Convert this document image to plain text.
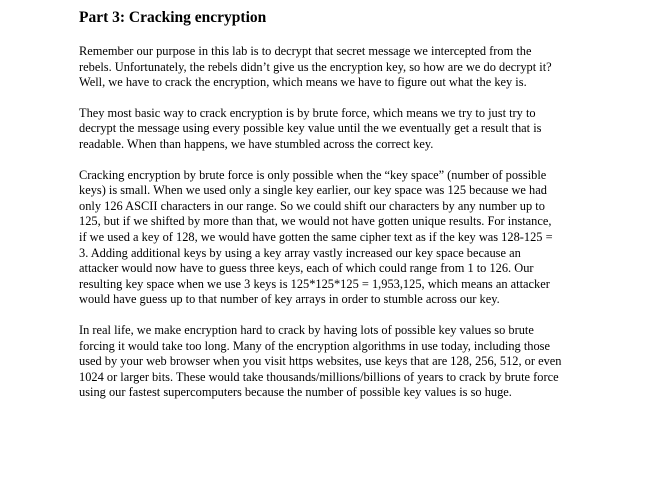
Part 3: Cracking encryption

Remember our purpose in this lab is to decrypt that secret message we intercepted from the
rebels. Unfortunately, the rebels didn’t give us the encryption key, so how are we do decrypt it?
Well, we have to crack the encryption, which means we have to figure out what the key is.

They most basic way to crack encryption is by brute force, which means we try to just try to
decrypt the message using every possible key value until the we eventually get a result that is
readable. When than happens, we have stumbled across the correct key.

Cracking encryption by brute force is only possible when the “key space” (number of possible
keys) is small. When we used only a single key earlier, our key space was 125 because we had
only 126 ASCII characters in our range. So we could shift our characters by any number up to
125, but if we shifted by more than that, we would not have gotten unique results. For instance,
if we used a key of 128, we would have gotten the same cipher text as if the key was 128-125 =
3. Adding additional keys by using a key array vastly increased our key space because an
attacker would now have to guess three keys, each of which could range from 1 to 126. Our
resulting key space when we use 3 keys is 125*125*125 = 1,953,125, which means an attacker
would have guess up to that number of key arrays in order to stumble across our key.

In real life, we make encryption hard to crack by having lots of possible key values so brute
forcing it would take too long. Many of the encryption algorithms in use today, including those
used by your web browser when you visit https websites, use keys that are 128, 256, 512, or even
1024 or larger bits. These would take thousands/millions/billions of years to crack by brute force
using our fastest supercomputers because the number of possible key values is so huge.
